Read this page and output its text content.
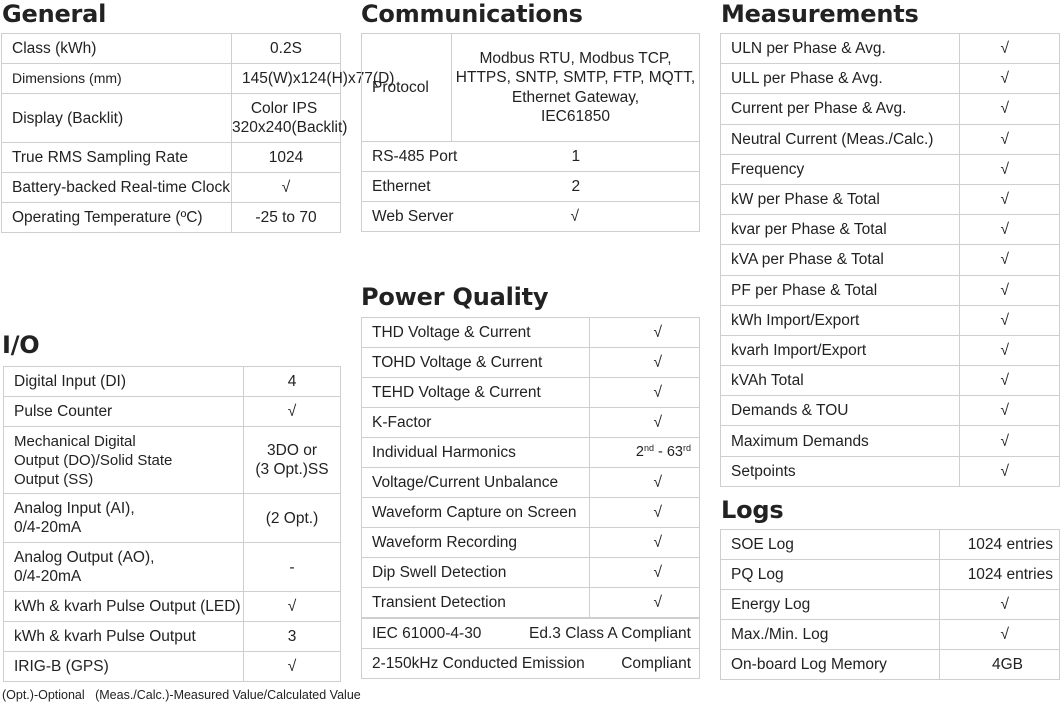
General
Class (kWh)	0.2S
Dimensions (mm)	145(W)x124(H)x77(D)
Display (Backlit)	Color IPS
320x240(Backlit)
True RMS Sampling Rate	1024
Battery-backed Real-time Clock	√
Operating Temperature (ºC)	-25 to 70
I/O
Digital Input (DI)	4
Pulse Counter	√
Mechanical Digital
Output (DO)/Solid State
Output (SS)	3DO or
(3 Opt.)SS
Analog Input (AI),
0/4-20mA	(2 Opt.)
Analog Output (AO),
0/4-20mA	-
kWh & kvarh Pulse Output (LED)	√
kWh & kvarh Pulse Output	3
IRIG-B (GPS)	√
Communications
Protocol	Modbus RTU, Modbus TCP,
HTTPS, SNTP, SMTP, FTP, MQTT,
Ethernet Gateway,
IEC61850
RS-485 Port	1	
Ethernet	2	
Web Server	√	
Power Quality
THD Voltage & Current	√
TOHD Voltage & Current	√
TEHD Voltage & Current	√
K-Factor	√
Individual Harmonics	2nd - 63rd
Voltage/Current Unbalance	√
Waveform Capture on Screen	√
Waveform Recording	√
Dip Swell Detection	√
Transient Detection	√
IEC 61000-4-30	Ed.3 Class A Compliant

2-150kHz Conducted Emission Compliant
Measurements
ULN per Phase & Avg.	√
ULL per Phase & Avg.	√
Current per Phase & Avg.	√
Neutral Current (Meas./Calc.)	√
Frequency	√
kW per Phase & Total	√
kvar per Phase & Total	√
kVA per Phase & Total	√
PF per Phase & Total	√
kWh Import/Export	√
kvarh Import/Export	√
kVAh Total	√
Demands & TOU	√
Maximum Demands	√
Setpoints	√
Logs
SOE Log	1024 entries
PQ Log	1024 entries
Energy Log	√
Max./Min. Log	√
On-board Log Memory	4GB

(Opt.)-Optional (Meas./Calc.)-Measured Value/Calculated Value
